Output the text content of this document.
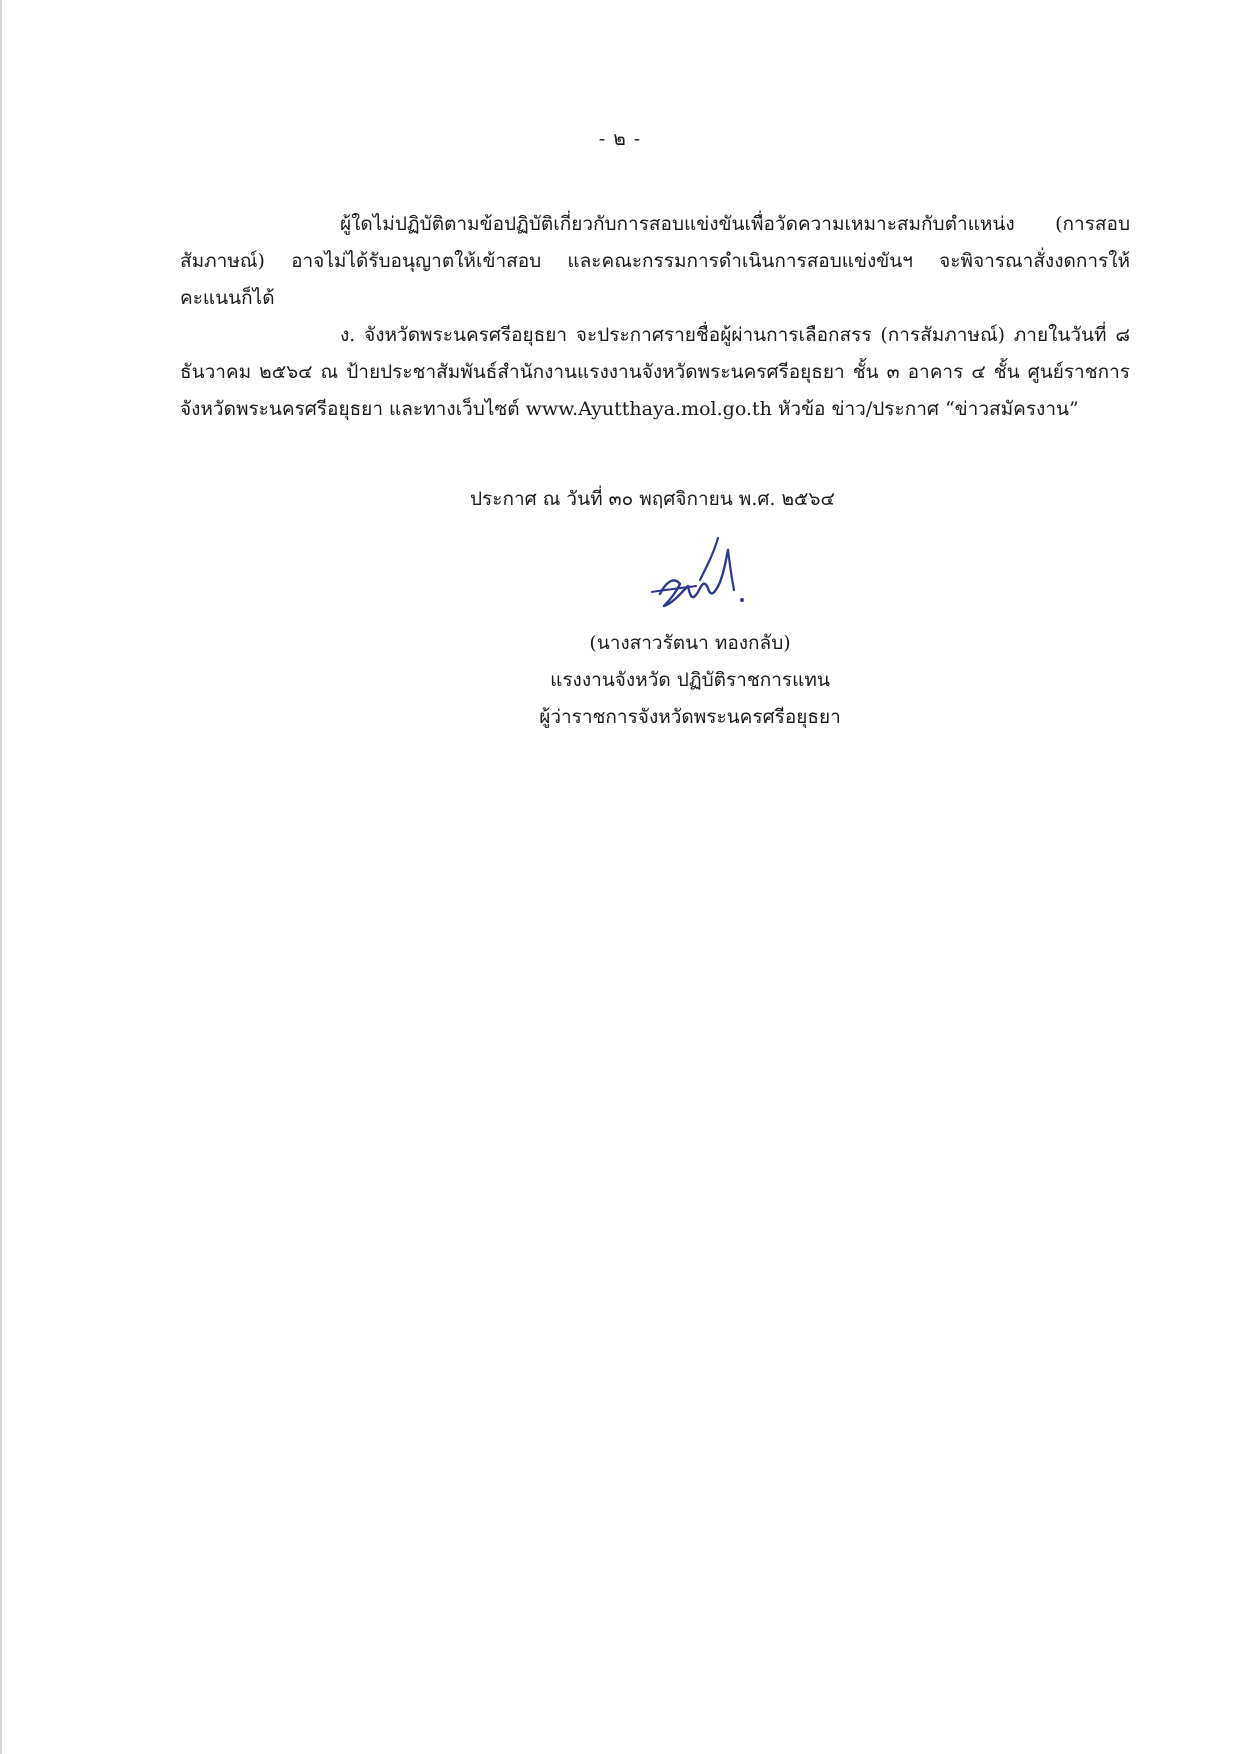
- ๒ -

ผู้ใดไม่ปฏิบัติตามข้อปฏิบัติเกี่ยวกับการสอบแข่งขันเพื่อวัดความเหมาะสมกับตำแหน่ง (การสอบสัมภาษณ์) อาจไม่ได้รับอนุญาตให้เข้าสอบ และคณะกรรมการดำเนินการสอบแข่งขันฯ จะพิจารณาสั่งงดการให้คะแนนก็ได้

ง. จังหวัดพระนครศรีอยุธยา จะประกาศรายชื่อผู้ผ่านการเลือกสรร (การสัมภาษณ์) ภายในวันที่ ๘ ธันวาคม ๒๕๖๔ ณ ป้ายประชาสัมพันธ์สำนักงานแรงงานจังหวัดพระนครศรีอยุธยา ชั้น ๓ อาคาร ๔ ชั้น ศูนย์ราชการจังหวัดพระนครศรีอยุธยา และทางเว็บไซต์ www.Ayutthaya.mol.go.th หัวข้อ ข่าว/ประกาศ “ข่าวสมัครงาน”

ประกาศ ณ วันที่ ๓๐ พฤศจิกายน พ.ศ. ๒๕๖๔
(นางสาวรัตนา ทองกลับ)
แรงงานจังหวัด ปฏิบัติราชการแทน
ผู้ว่าราชการจังหวัดพระนครศรีอยุธยา
